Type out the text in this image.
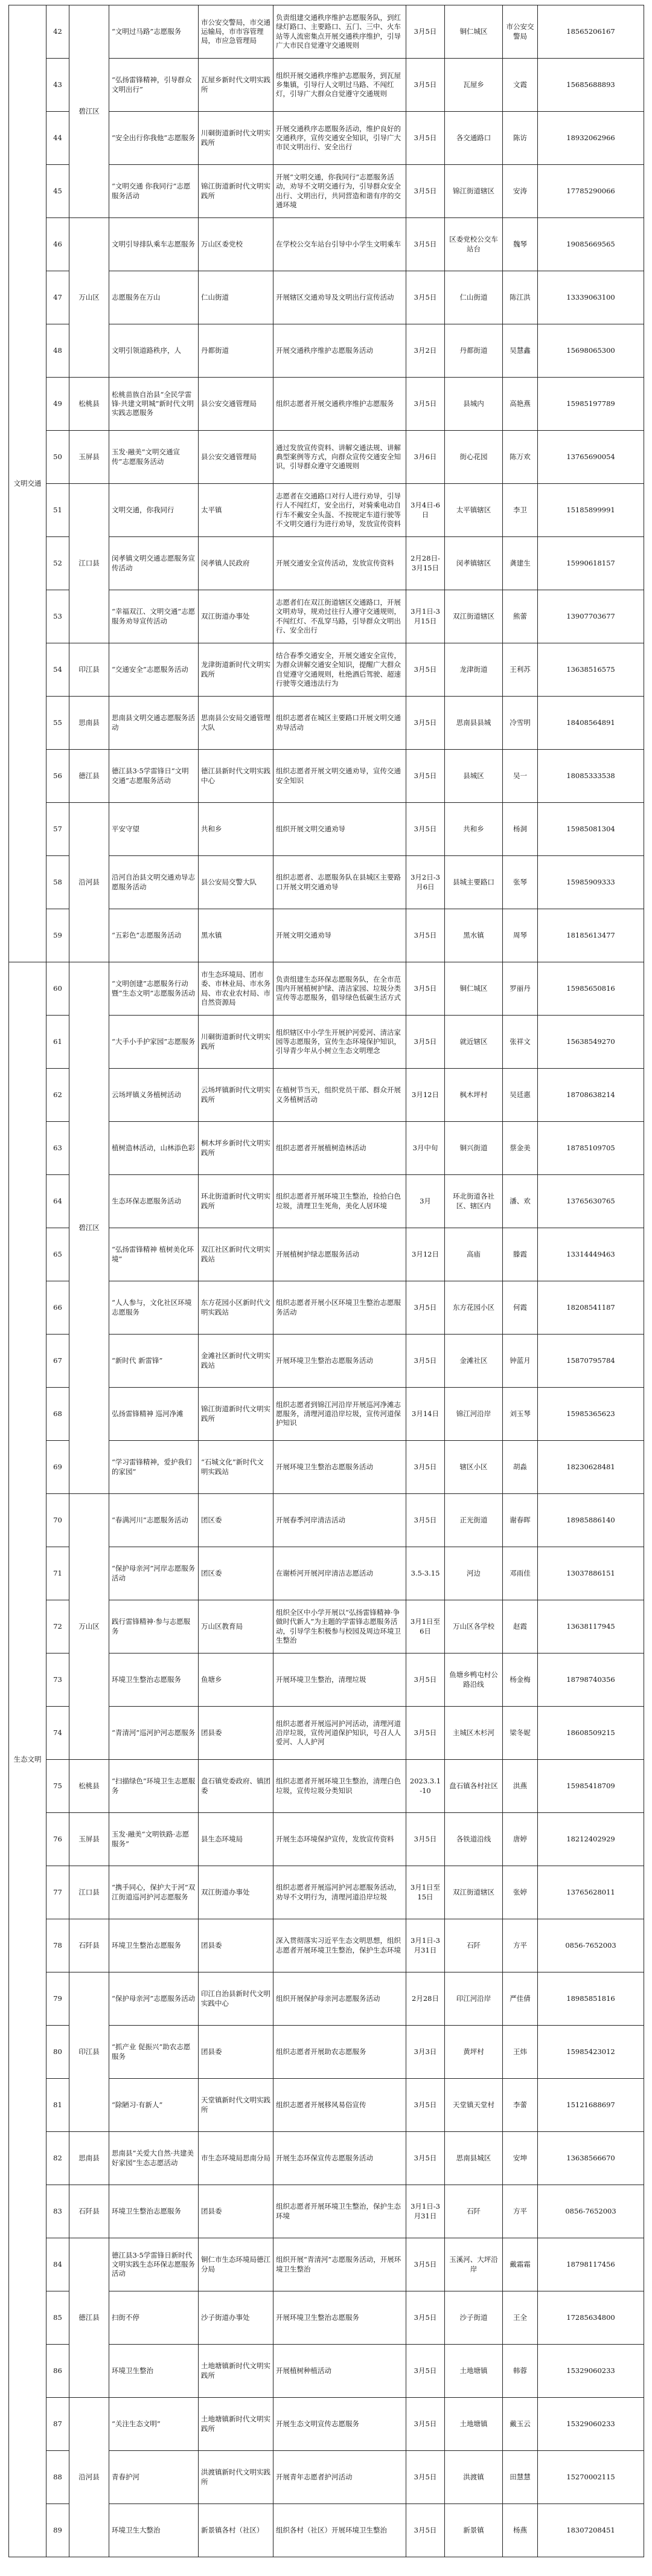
文明交通	42	碧江区	“文明过马路”志愿服务	市公安交警局，市交通运输局，市市容管理局，市应急管理局	负责组建交通秩序维护志愿服务队，到红绿灯路口、主要路口、五门、三中、火车站等人流密集点开展交通秩序维护，引导广大市民自觉遵守交通规则	3月5日	铜仁城区	市公安交警局	18565206167
	43		“弘扬雷锋精神，引导群众文明出行”	瓦屋乡新时代文明实践所	组织开展交通秩序维护志愿服务，到瓦屋乡集镇，引导行人文明过马路、不闯红灯，引导广大群众自觉遵守交通规则	3月5日	瓦屋乡	文霞	15685688893
	44		“安全出行你我他”志愿服务	川硐街道新时代文明实践所	开展交通秩序志愿服务活动，维护良好的交通秩序，宣传交通安全知识，引导广大市民文明出行、安全出行	3月5日	各交通路口	陈访	18932062966
	45		“文明交通 你我同行”志愿服务活动	锦江街道新时代文明实践所	开展“文明交通，你我同行”志愿服务活动，劝导不文明交通行为，引导群众安全出行、文明出行，共同营造和谐有序的交通环境	3月5日	锦江街道辖区	安涛	17785290066
	46	万山区	文明引导排队乘车志愿服务	万山区委党校	在学校公交车站台引导中小学生文明乘车	3月5日	区委党校公交车站台	魏琴	19085669565
	47		志愿服务在万山	仁山街道	开展辖区交通劝导及文明出行宣传活动	3月5日	仁山街道	陈江洪	13339063100
	48		文明引领道路秩序，人	丹都街道	开展交通秩序维护志愿服务活动	3月2日	丹都街道	吴慧鑫	15698065300
	49	松桃县	松桃苗族自治县“全民学雷锋·共建文明城”新时代文明实践志愿服务	县公安交通管理局	组织志愿者开展交通秩序维护志愿服务	3月5日	县城内	高艳燕	15985197789
	50	玉屏县	玉发·融美“文明交通宣传”志愿服务活动	县公安交通管理局	通过发放宣传资料、讲解交通法规、讲解典型案例等方式，向群众宣传交通安全知识，引导群众遵守交通规则	3月6日	街心花园	陈万欢	13765690054
	51	江口县	文明交通，你我同行	太平镇	志愿者在交通路口对行人进行劝导，引导行人不闯红灯，安全出行，对骑乘电动自行车不戴安全头盔、不按规定车道行驶等不文明交通行为进行劝导，发放宣传资料	3月4日-6日	太平镇辖区	李卫	15185899991
	52		闵孝镇文明交通志愿服务宣传活动	闵孝镇人民政府	开展交通安全宣传活动，发放宣传资料	2月28日-3月15日	闵孝镇辖区	龚建生	15990618157
	53		“幸福双江、文明交通”志愿服务劝导宣传活动	双江街道办事处	志愿者们在双江街道辖区交通路口，开展文明劝导，规劝过往行人遵守交通规则，不闯红灯、不乱穿马路，引导群众文明出行、安全出行	3月1日-3月15日	双江街道辖区	熊蕾	13907703677
	54	印江县	“交通安全”志愿服务活动	龙津街道新时代文明实践所	结合春季交通安全，开展交通安全宣传，为群众讲解交通安全知识，提醒广大群众自觉遵守交通规则，杜绝酒后驾驶、超速行驶等交通违法行为	3月5日	龙津街道	王利苏	13638516575
	55	思南县	思南县文明交通志愿服务活动	思南县公安局交通管理大队	组织志愿者在城区主要路口开展文明交通劝导活动	3月5日	思南县县城	冷雪明	18408564891
	56	德江县	德江县3·5学雷锋日“文明交通”志愿服务活动	德江县新时代文明实践中心	组织志愿者开展文明交通劝导，宣传交通安全知识	3月5日	县城区	吴一	18085333538
	57	沿河县	平安守望	共和乡	组织开展文明交通劝导	3月5日	共和乡	杨洞	15985081304
	58		沿河自治县文明交通劝导志愿服务活动	县公安局交警大队	组织志愿者、志愿服务队在县城区主要路口开展文明交通劝导	3月2日-3月6日	县城主要路口	张琴	15985909333
	59		“五彩色”志愿服务活动	黑水镇	开展文明交通劝导	3月5日	黑水镇	周琴	18185613477
生态文明	60	碧江区	“文明创建”志愿服务行动暨“生态文明”志愿服务活动	市生态环境局、团市委、市林业局、市水务局、市农业农村局、市自然资源局	负责组建生态环保志愿服务队，在全市范围内开展植树护绿、清洁家园、垃圾分类宣传等志愿服务，倡导绿色低碳生活方式	3月5日	铜仁城区	罗丽丹	15985650816
	61		“大手小手护家园”志愿服务	川硐街道新时代文明实践所	组织辖区中小学生开展护河爱河、清洁家园等志愿服务，宣传生态环境保护知识，引导青少年从小树立生态文明理念	3月5日	就近辖区	张祥文	15638549270
	62		云场坪镇义务植树活动	云场坪镇新时代文明实践所	在植树节当天，组织党员干部、群众开展义务植树活动	3月12日	枫木坪村	吴廷惠	18708638214
	63		植树造林活动，山林添色彩	桐木坪乡新时代文明实践所	组织志愿者开展植树造林活动	3月中旬	铜兴街道	蔡金美	18785109705
	64		生态环保志愿服务活动	环北街道新时代文明实践所	组织志愿者开展环境卫生整治，捡拾白色垃圾，清理卫生死角，美化人居环境	3月	环北街道各社区、辖区内	潘、欢	13765630765
	65		“弘扬雷锋精神 植树美化环境”	双江社区新时代文明实践站	开展植树护绿志愿服务活动	3月12日	高庙	滕霞	13314449463
	66		“人人参与，文化社区环境志愿服务	东方花园小区新时代文明实践站	组织志愿者开展小区环境卫生整治志愿服务活动	3月5日	东方花园小区	何霞	18208541187
	67		“新时代 新雷锋”	金滩社区新时代文明实践站	开展环境卫生整治志愿服务活动	3月5日	金滩社区	钟蓝月	15870795784
	68		弘扬雷锋精神 巡河净滩	锦江街道新时代文明实践所	组织志愿者到锦江河沿岸开展巡河净滩志愿服务，清理河道沿岸垃圾，宣传河道保护知识	3月14日	锦江河沿岸	刘玉琴	15985365623
	69		“学习雷锋精神，爱护我们的家园”	“石城文化”新时代文明实践站	开展环境卫生整治志愿服务活动	3月5日	辖区小区	胡淼	18230628481
	70	万山区	“春满河川”志愿服务活动	团区委	开展春季河岸清洁活动	3月5日	正光街道	谢春晖	18985886140
	71		“保护母亲河”河岸志愿服务活动	团区委	在谢桥河开展河岸清洁志愿活动	3.5-3.15	河边	邓雨佳	13037886151
	72		践行雷锋精神·参与志愿服务	万山区教育局	组织全区中小学开展以“弘扬雷锋精神·争做时代新人”为主题的学雷锋志愿服务活动，引导学生积极参与校园及周边环境卫生整治	3月1日至6日	万山区各学校	赵霞	13638117945
	73		环境卫生整治志愿服务	鱼塘乡	开展环境卫生整治，清理垃圾	3月5日	鱼塘乡鸭屯村公路沿线	杨金梅	18798740356
	74		“青清河”巡河护河志愿服务	团县委	组织志愿者开展巡河护河活动，清理河道沿岸垃圾，宣传河道保护知识，号召人人爱河、人人护河	3月5日	主城区木杉河	梁冬妮	18608509215
	75	松桃县	“扫描绿色”环境卫生志愿服务	盘石镇党委政府、镇团委	组织志愿者开展环境卫生整治，清理白色垃圾，宣传垃圾分类知识	2023.3.1-10	盘石镇各村社区	洪燕	15985418709
	76	玉屏县	玉发·融美“文明铁路·志愿服务”	县生态环境局	开展生态环境保护宣传，发放宣传资料	3月5日	各铁道沿线	唐婷	18212402929
	77	江口县	“携手同心，保护大于河”双江街道巡河护河志愿服务	双江街道办事处	组织志愿者开展巡河护河志愿服务活动，劝导不文明行为，清理河道沿岸垃圾	3月1日至15日	双江街道辖区	张婷	13765628011
	78	石阡县	环境卫生整治志愿服务	团县委	深入贯彻落实习近平生态文明思想，组织志愿者开展环境卫生整治，保护生态环境	3月1日-3月31日	石阡	方平	0856-7652003
	79	印江县	“保护母亲河”志愿服务活动	印江自治县新时代文明实践中心	组织开展保护母亲河志愿服务活动	2月28日	印江河沿岸	严佳倩	18985851816
	80		“抓产业 促振兴”助农志愿服务	团县委	组织志愿者开展助农志愿服务	3月3日	黄坪村	王炜	15985423012
	81		“除陋习·有新人”	天堂镇新时代文明实践所	组织志愿者开展移风易俗宣传	3月5日	天堂镇天堂村	李蕾	15121688697
	82	思南县	思南县“关爱大自然·共建美好家园”生态志愿活动	市生态环境局思南分局	开展生态环保宣传志愿服务活动	3月5日	思南县城区	安坤	13638566670
	83	石阡县	环境卫生整治志愿服务	团县委	组织志愿者开展环境卫生整治，保护生态环境	3月1日-3月31日	石阡	方平	0856-7652003
	84	德江县	德江县3·5学雷锋日新时代文明实践生态环保志愿服务活动	铜仁市生态环境局德江分局	组织开展“青清河”志愿服务活动，开展环境卫生整治	3月5日	玉溪河、大坪沿岸	戴霜霜	18798117456
	85		扫街不停	沙子街道办事处	开展环境卫生整治志愿服务	3月5日	沙子街道	王全	17285634800
	86		环境卫生整治	土地塘镇新时代文明实践所	开展植树种植活动	3月5日	土地塘镇	韩蓉	15329060233
	87	沿河县	“关注生态文明”	土地塘镇新时代文明实践所	开展生态文明宣传志愿服务	3月5日	土地塘镇	戴玉云	15329060233
	88		青春护河	洪渡镇新时代文明实践所	开展青年志愿者护河活动	3月5日	洪渡镇	田慧慧	15270002115
	89		环境卫生大整治	新景镇各村（社区）	组织各村（社区）开展环境卫生整治	3月5日	新景镇	杨燕	18307208451
